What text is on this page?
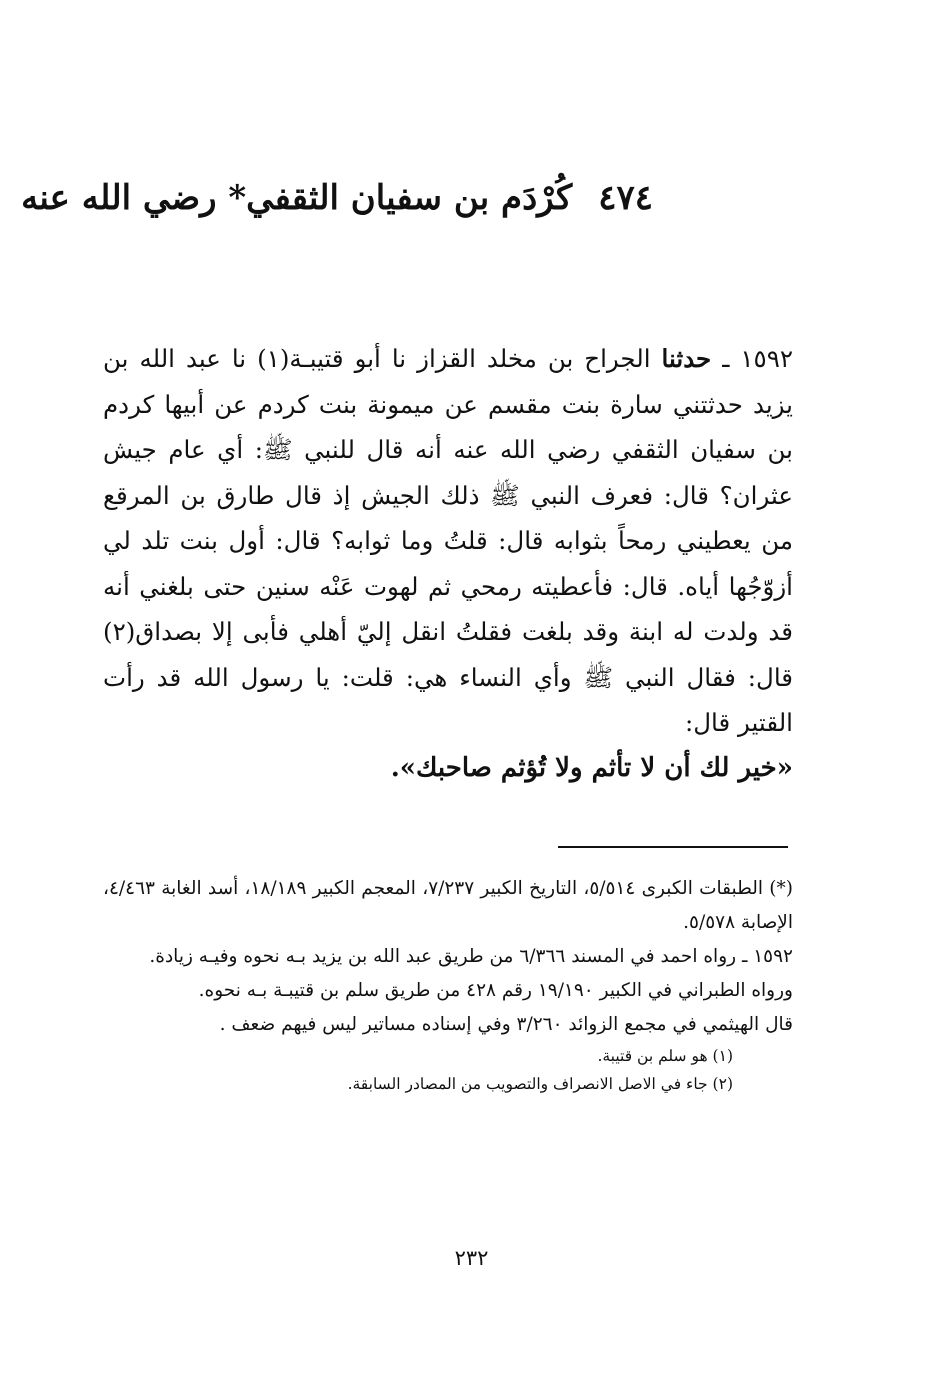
٤٧٤كُرْدَم بن سفيان الثقفي* رضي الله عنه

١٥٩٢ ـ حدثنا الجراح بن مخلد القزاز نا أبو قتيبـة(١) نا عبد الله بن يزيد حدثتني سارة بنت مقسم عن ميمونة بنت كردم عن أبيها كردم بن سفيان الثقفي رضي الله عنه أنه قال للنبي ﷺ: أي عام جيش عثران؟ قال: فعرف النبي ﷺ ذلك الجيش إذ قال طارق بن المرقع من يعطيني رمحاً بثوابه قال: قلتُ وما ثوابه؟ قال: أول بنت تلد لي أزوّجُها أياه. قال: فأعطيته رمحي ثم لهوت عَنْه سنين حتى بلغني أنه قد ولدت له ابنة وقد بلغت فقلتُ انقل إليّ أهلي فأبى إلا بصداق(٢) قال: فقال النبي ﷺ وأي النساء هي: قلت: يا رسول الله قد رأت القتير قال:

«خير لك أن لا تأثم ولا تُؤثم صاحبك».

(*) الطبقات الكبرى ٥/٥١٤، التاريخ الكبير ٧/٢٣٧، المعجم الكبير ١٨/١٨٩، أسد الغابة ٤/٤٦٣، الإصابة ٥/٥٧٨.

١٥٩٢ ـ رواه احمد في المسند ٦/٣٦٦ من طريق عبد الله بن يزيد بـه نحوه وفيـه زيادة.

ورواه الطبراني في الكبير ١٩/١٩٠ رقم ٤٢٨ من طريق سلم بن قتيبـة بـه نحوه.

قال الهيثمي في مجمع الزوائد ٣/٢٦٠ وفي إسناده مساتير ليس فيهم ضعف .

(١) هو سلم بن قتيبة.

(٢) جاء في الاصل الانصراف والتصويب من المصادر السابقة.

٢٣٢
